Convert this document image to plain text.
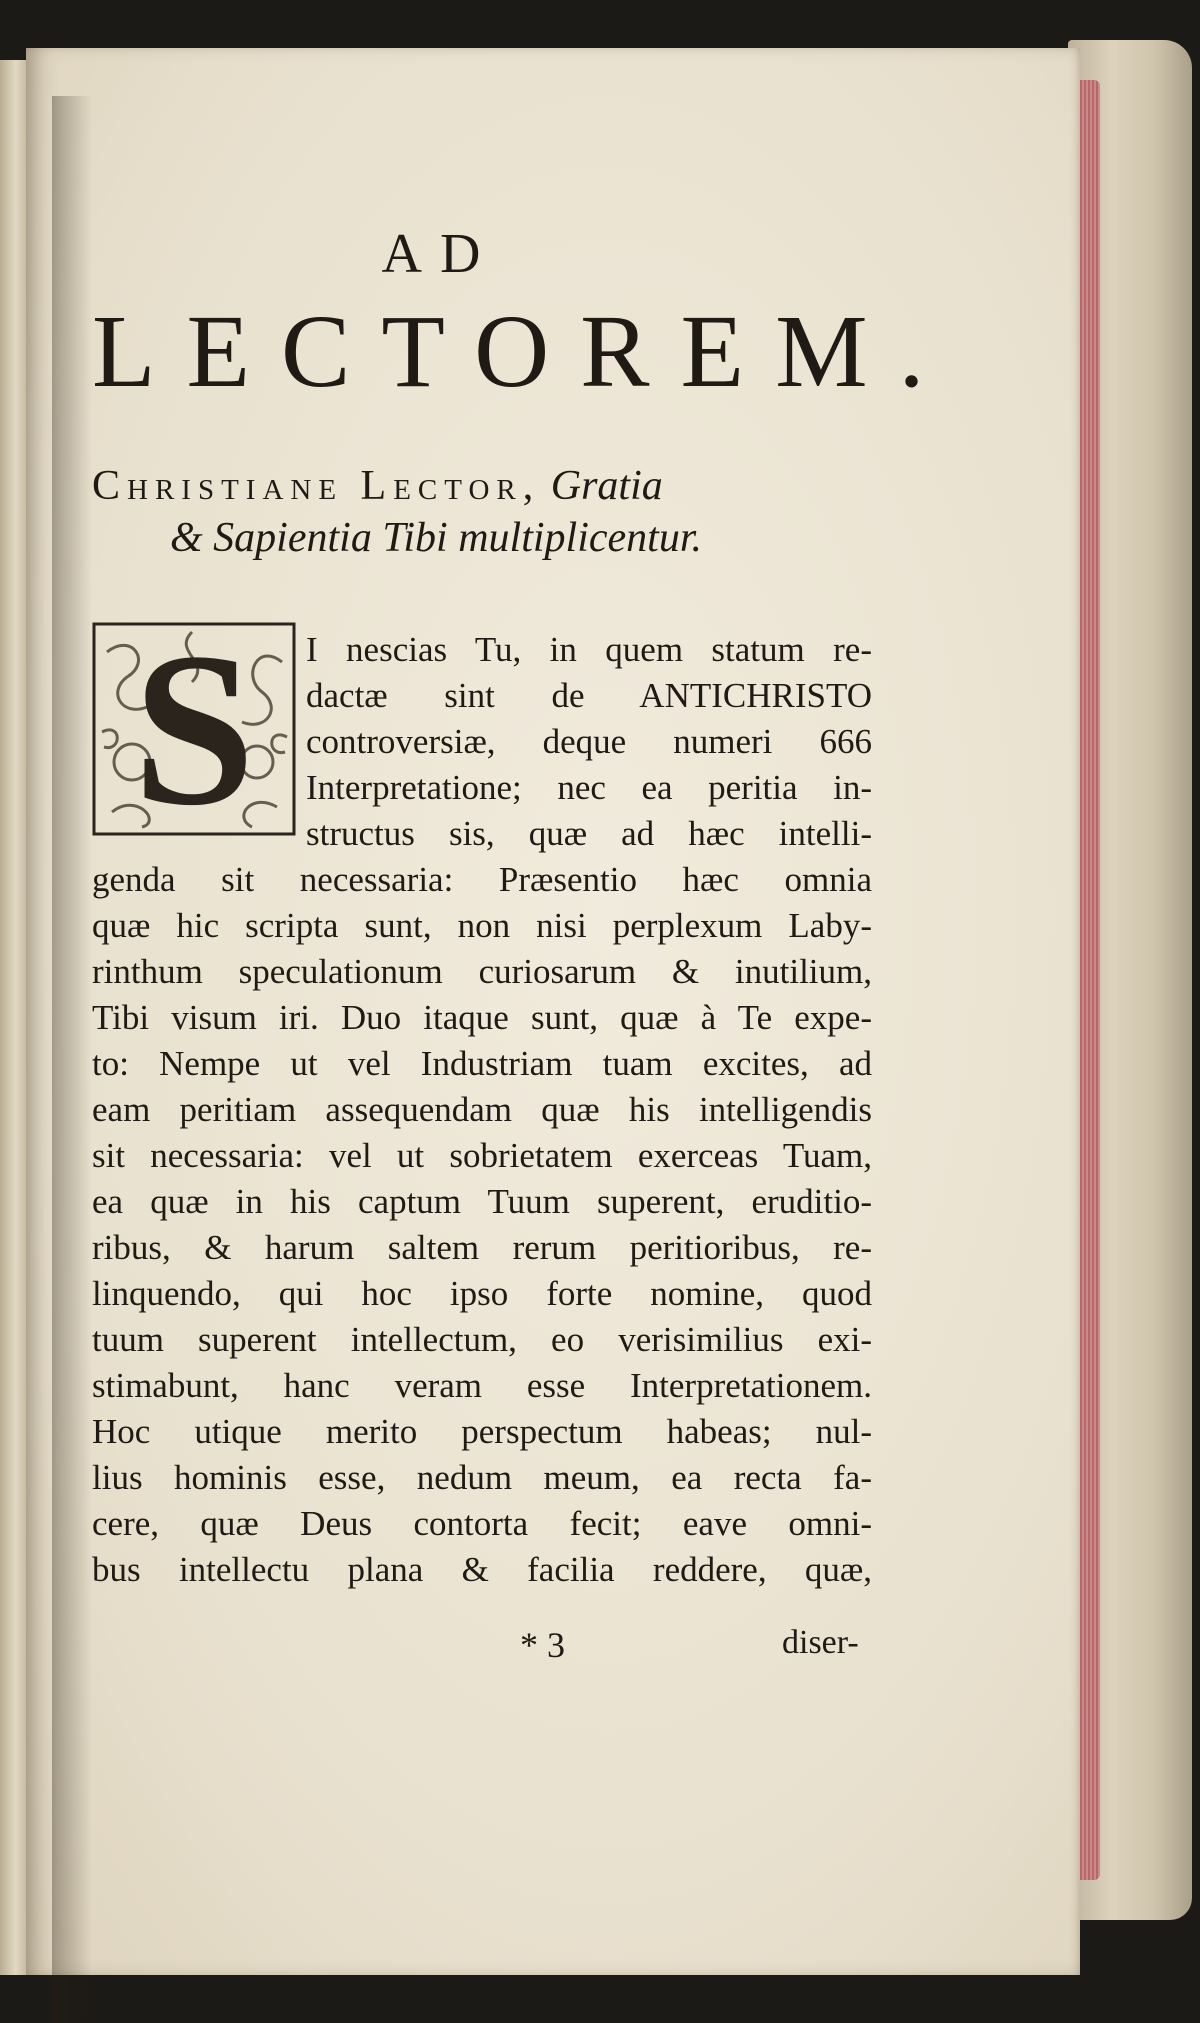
AD
LECTOREM.
Christiane Lector, Gratia
& Sapientia Tibi multiplicentur.
S	I nescias Tu, in quem statum re-
dactæ sint de ANTICHRISTO
controversiæ, deque numeri 666
Interpretatione; nec ea peritia in-
structus sis, quæ ad hæc intelli-
genda sit necessaria: Præsentio hæc omnia
quæ hic scripta sunt, non nisi perplexum Laby-
rinthum speculationum curiosarum & inutilium,
Tibi visum iri. Duo itaque sunt, quæ à Te expe-
to: Nempe ut vel Industriam tuam excites, ad
eam peritiam assequendam quæ his intelligendis
sit necessaria: vel ut sobrietatem exerceas Tuam,
ea quæ in his captum Tuum superent, eruditio-
ribus, & harum saltem rerum peritioribus, re-
linquendo, qui hoc ipso forte nomine, quod
tuum superent intellectum, eo verisimilius exi-
stimabunt, hanc veram esse Interpretationem.
Hoc utique merito perspectum habeas; nul-
lius hominis esse, nedum meum, ea recta fa-
cere, quæ Deus contorta fecit; eave omni-
bus intellectu plana & facilia reddere, quæ,
* 3	diser-
